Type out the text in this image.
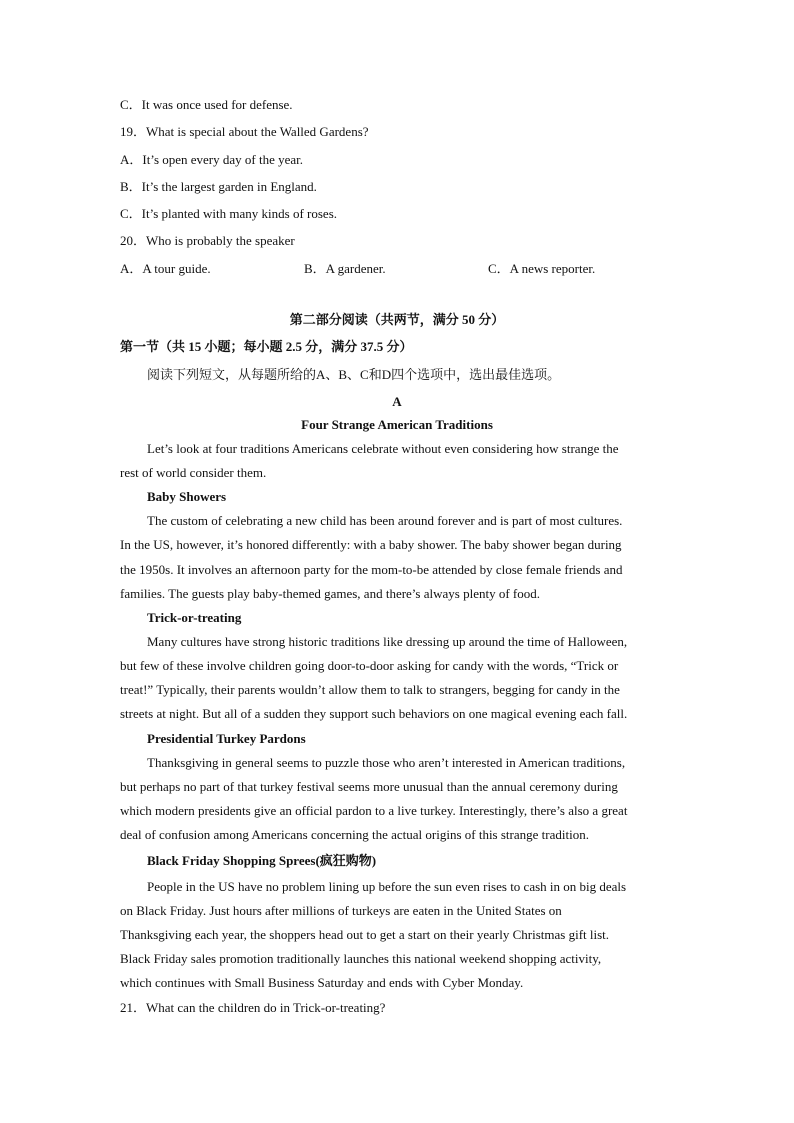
C．It was once used for defense.
19．What is special about the Walled Gardens?
A．It’s open every day of the year.
B．It’s the largest garden in England.
C．It’s planted with many kinds of roses.
20．Who is probably the speaker
A．A tour guide.	B．A gardener.	C．A news reporter.
第二部分阅读（共两节，满分 50 分）
第一节（共 15 小题；每小题 2.5 分，满分 37.5 分）
阅读下列短文，从每题所给的A、B、C和D四个选项中，选出最佳选项。
A
Four Strange American Traditions
Let’s look at four traditions Americans celebrate without even considering how strange the
rest of world consider them.
Baby Showers
The custom of celebrating a new child has been around forever and is part of most cultures.
In the US, however, it’s honored differently: with a baby shower. The baby shower began during
the 1950s. It involves an afternoon party for the mom-to-be attended by close female friends and
families. The guests play baby-themed games, and there’s always plenty of food.
Trick-or-treating
Many cultures have strong historic traditions like dressing up around the time of Halloween,
but few of these involve children going door-to-door asking for candy with the words, “Trick or
treat!” Typically, their parents wouldn’t allow them to talk to strangers, begging for candy in the
streets at night. But all of a sudden they support such behaviors on one magical evening each fall.
Presidential Turkey Pardons
Thanksgiving in general seems to puzzle those who aren’t interested in American traditions,
but perhaps no part of that turkey festival seems more unusual than the annual ceremony during
which modern presidents give an official pardon to a live turkey. Interestingly, there’s also a great
deal of confusion among Americans concerning the actual origins of this strange tradition.
Black Friday Shopping Sprees(疯狂购物)
People in the US have no problem lining up before the sun even rises to cash in on big deals
on Black Friday. Just hours after millions of turkeys are eaten in the United States on
Thanksgiving each year, the shoppers head out to get a start on their yearly Christmas gift list.
Black Friday sales promotion traditionally launches this national weekend shopping activity,
which continues with Small Business Saturday and ends with Cyber Monday.
21．What can the children do in Trick-or-treating?
